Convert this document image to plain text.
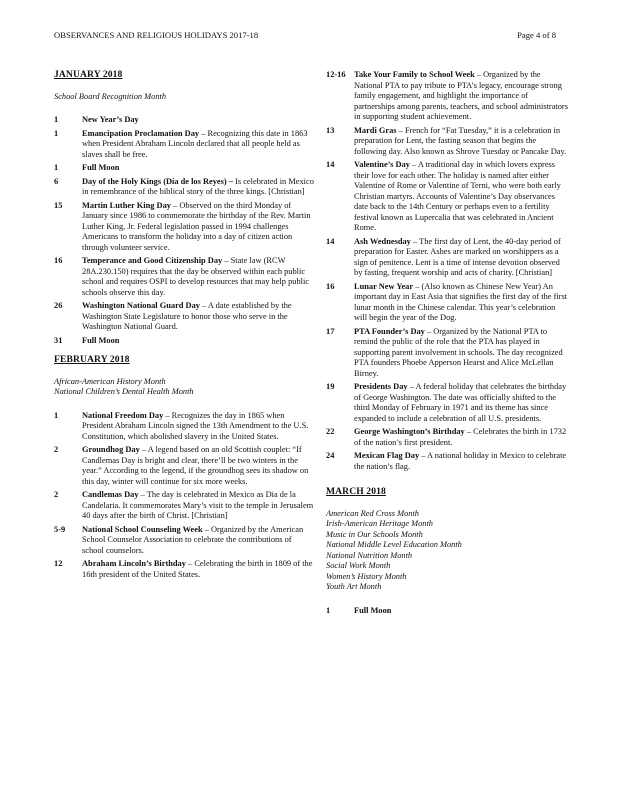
OBSERVANCES AND RELIGIOUS HOLIDAYS 2017-18	Page 4 of 8
JANUARY 2018
School Board Recognition Month
1	New Year’s Day
1	Emancipation Proclamation Day – Recognizing this date in 1863 when President Abraham Lincoln declared that all people held as slaves shall be free.
1	Full Moon
6	Day of the Holy Kings (Día de los Reyes) – Is celebrated in Mexico in remembrance of the biblical story of the three kings. [Christian]
15	Martin Luther King Day – Observed on the third Monday of January since 1986 to commemorate the birthday of the Rev. Martin Luther King, Jr. Federal legislation passed in 1994 challenges Americans to transform the holiday into a day of citizen action through volunteer service.
16	Temperance and Good Citizenship Day – State law (RCW 28A.230.150) requires that the day be observed within each public school and requires OSPI to develop resources that may help public schools observe this day.
26	Washington National Guard Day – A date established by the Washington State Legislature to honor those who serve in the Washington National Guard.
31	Full Moon
FEBRUARY 2018
African-American History Month
National Children’s Dental Health Month
1	National Freedom Day – Recognizes the day in 1865 when President Abraham Lincoln signed the 13th Amendment to the U.S. Constitution, which abolished slavery in the United States.
2	Groundhog Day – A legend based on an old Scottish couplet: “If Candlemas Day is bright and clear, there’ll be two winters in the year.” According to the legend, if the groundhog sees its shadow on this day, winter will continue for six more weeks.
2	Candlemas Day – The day is celebrated in Mexico as Dia de la Candelaria. It commemorates Mary’s visit to the temple in Jerusalem 40 days after the birth of Christ. [Christian]
5-9	National School Counseling Week – Organized by the American School Counselor Association to celebrate the contributions of school counselors.
12	Abraham Lincoln’s Birthday – Celebrating the birth in 1809 of the 16th president of the United States.
12-16	Take Your Family to School Week – Organized by the National PTA to pay tribute to PTA’s legacy, encourage strong family engagement, and highlight the importance of partnerships among parents, teachers, and school administrators in supporting student achievement.
13	Mardi Gras – French for “Fat Tuesday,” it is a celebration in preparation for Lent, the fasting season that begins the following day. Also known as Shrove Tuesday or Pancake Day.
14	Valentine’s Day – A traditional day in which lovers express their love for each other. The holiday is named after either Valentine of Rome or Valentine of Terni, who were both early Christian martyrs. Accounts of Valentine’s Day observances date back to the 14th Century or perhaps even to a fertility festival known as Lupercalia that was celebrated in Ancient Rome.
14	Ash Wednesday – The first day of Lent, the 40-day period of preparation for Easter. Ashes are marked on worshippers as a sign of penitence. Lent is a time of intense devotion observed by fasting, frequent worship and acts of charity. [Christian]
16	Lunar New Year – (Also known as Chinese New Year) An important day in East Asia that signifies the first day of the first lunar month in the Chinese calendar. This year’s celebration will begin the year of the Dog.
17	PTA Founder’s Day – Organized by the National PTA to remind the public of the role that the PTA has played in supporting parent involvement in schools. The day recognized PTA founders Phoebe Apperson Hearst and Alice McLellan Birney.
19	Presidents Day – A federal holiday that celebrates the birthday of George Washington. The date was officially shifted to the third Monday of February in 1971 and its theme has since expanded to include a celebration of all U.S. presidents.
22	George Washington’s Birthday – Celebrates the birth in 1732 of the nation’s first president.
24	Mexican Flag Day – A national holiday in Mexico to celebrate the nation’s flag.
MARCH 2018
American Red Cross Month
Irish-American Heritage Month
Music in Our Schools Month
National Middle Level Education Month
National Nutrition Month
Social Work Month
Women’s History Month
Youth Art Month
1	Full Moon
